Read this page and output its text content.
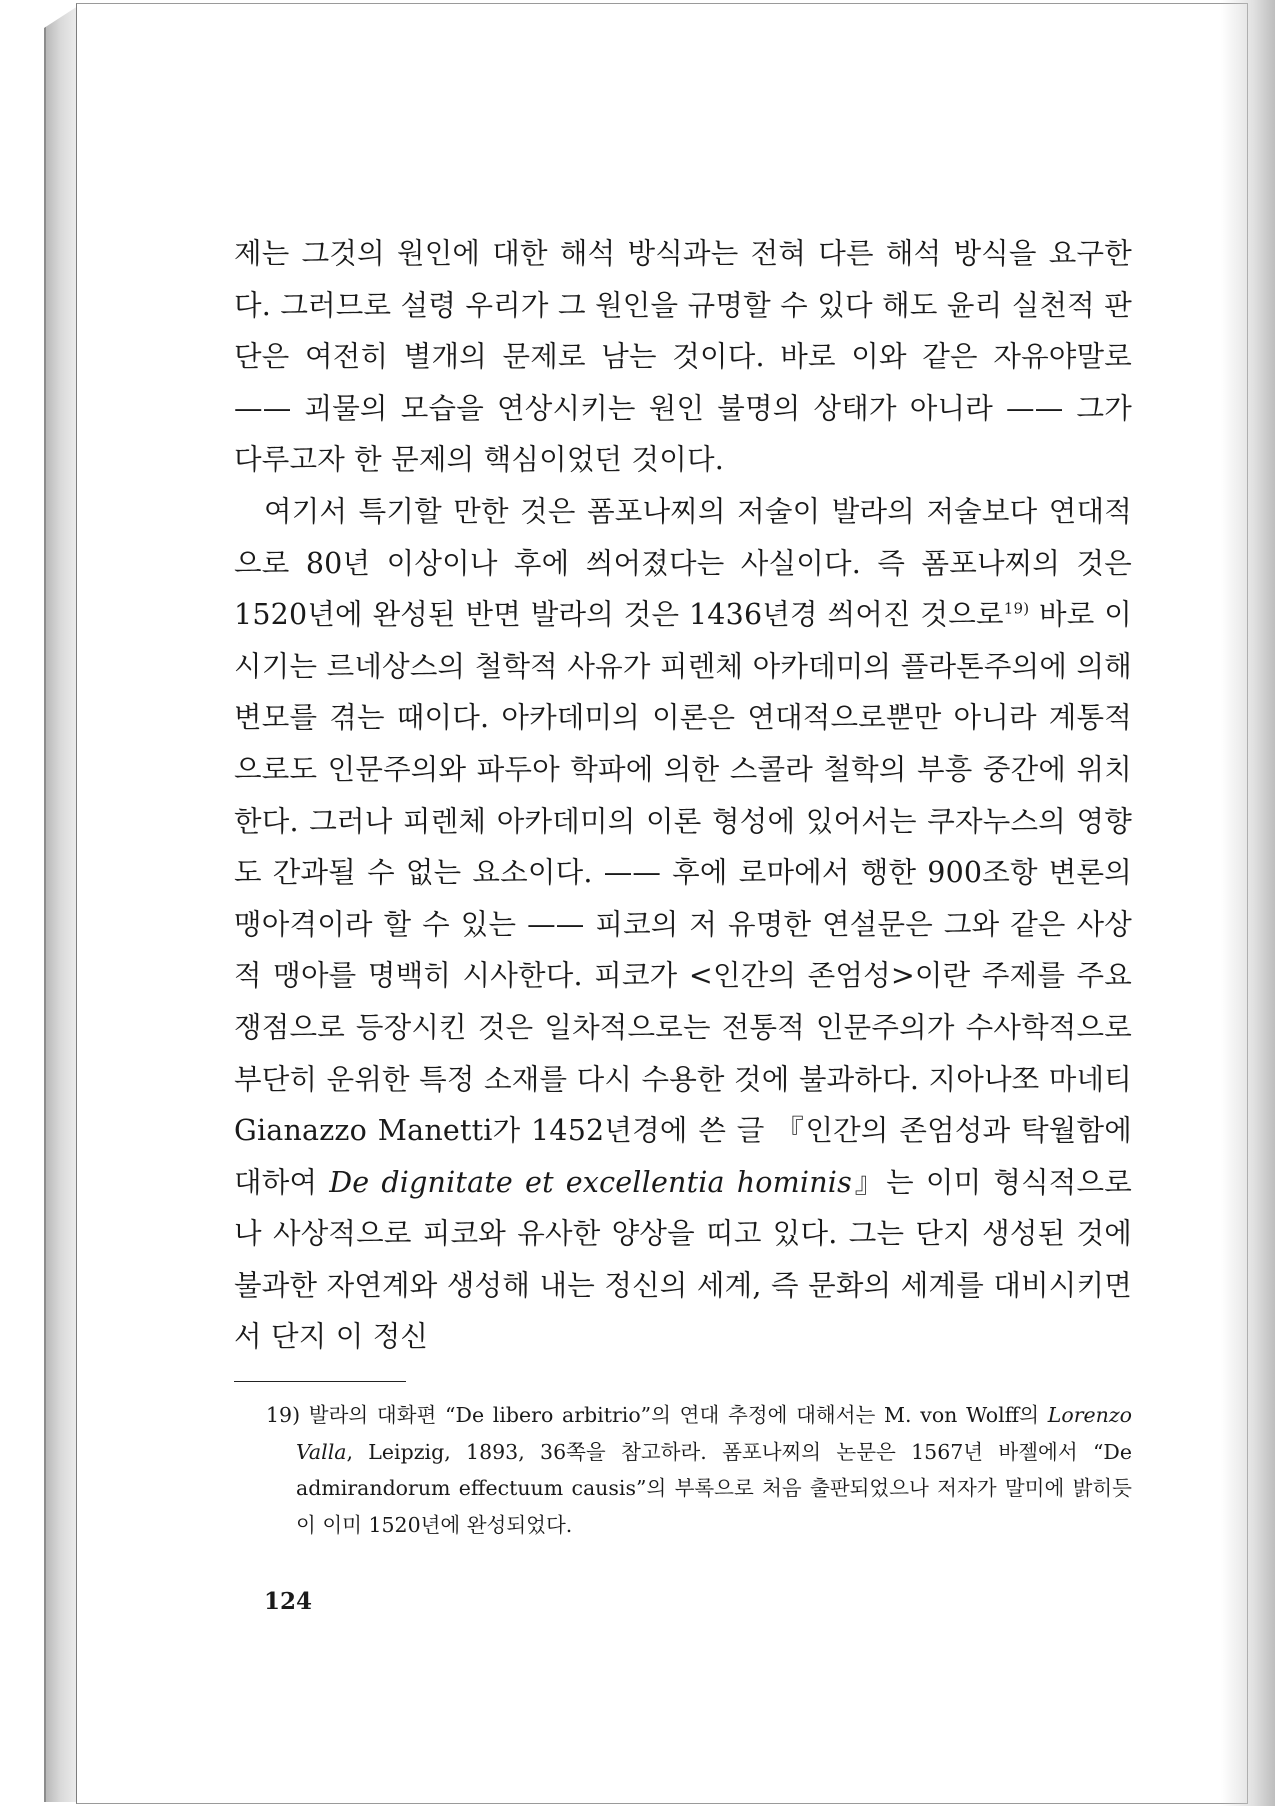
제는 그것의 원인에 대한 해석 방식과는 전혀 다른 해석 방식을 요구한다. 그러므로 설령 우리가 그 원인을 규명할 수 있다 해도 윤리 실천적 판단은 여전히 별개의 문제로 남는 것이다. 바로 이와 같은 자유야말로 —— 괴물의 모습을 연상시키는 원인 불명의 상태가 아니라 —— 그가 다루고자 한 문제의 핵심이었던 것이다.

여기서 특기할 만한 것은 폼포나찌의 저술이 발라의 저술보다 연대적으로 80년 이상이나 후에 씌어졌다는 사실이다. 즉 폼포나찌의 것은 1520년에 완성된 반면 발라의 것은 1436년경 씌어진 것으로$^{19)}$ 바로 이 시기는 르네상스의 철학적 사유가 피렌체 아카데미의 플라톤주의에 의해 변모를 겪는 때이다. 아카데미의 이론은 연대적으로뿐만 아니라 계통적으로도 인문주의와 파두아 학파에 의한 스콜라 철학의 부흥 중간에 위치한다. 그러나 피렌체 아카데미의 이론 형성에 있어서는 쿠자누스의 영향도 간과될 수 없는 요소이다. —— 후에 로마에서 행한 900조항 변론의 맹아격이라 할 수 있는 —— 피코의 저 유명한 연설문은 그와 같은 사상적 맹아를 명백히 시사한다. 피코가 <인간의 존엄성>이란 주제를 주요 쟁점으로 등장시킨 것은 일차적으로는 전통적 인문주의가 수사학적으로 부단히 운위한 특정 소재를 다시 수용한 것에 불과하다. 지아나쪼 마네티 Gianazzo Manetti가 1452년경에 쓴 글 『인간의 존엄성과 탁월함에 대하여 De dignitate et excellentia hominis』는 이미 형식적으로나 사상적으로 피코와 유사한 양상을 띠고 있다. 그는 단지 생성된 것에 불과한 자연계와 생성해 내는 정신의 세계, 즉 문화의 세계를 대비시키면서 단지 이 정신

19) 발라의 대화편 “De libero arbitrio”의 연대 추정에 대해서는 M. von Wolff의 Lorenzo Valla, Leipzig, 1893, 36쪽을 참고하라. 폼포나찌의 논문은 1567년 바젤에서 “De admirandorum effectuum causis”의 부록으로 처음 출판되었으나 저자가 말미에 밝히듯이 이미 1520년에 완성되었다.

124
